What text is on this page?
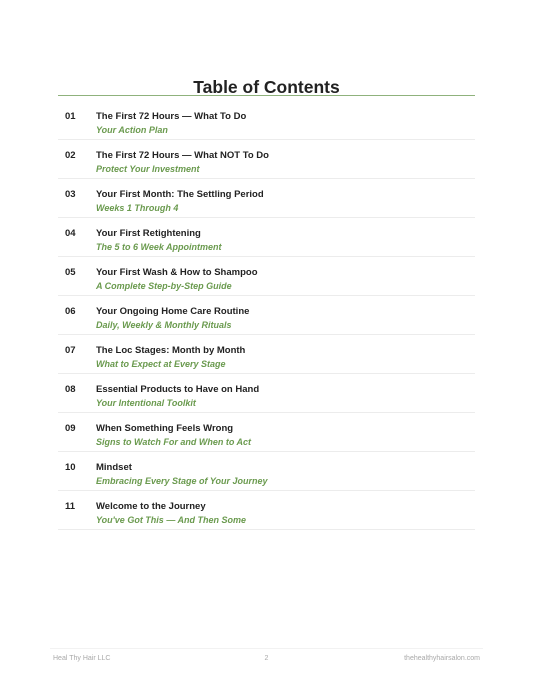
Table of Contents
01 The First 72 Hours — What To Do
Your Action Plan
02 The First 72 Hours — What NOT To Do
Protect Your Investment
03 Your First Month: The Settling Period
Weeks 1 Through 4
04 Your First Retightening
The 5 to 6 Week Appointment
05 Your First Wash & How to Shampoo
A Complete Step-by-Step Guide
06 Your Ongoing Home Care Routine
Daily, Weekly & Monthly Rituals
07 The Loc Stages: Month by Month
What to Expect at Every Stage
08 Essential Products to Have on Hand
Your Intentional Toolkit
09 When Something Feels Wrong
Signs to Watch For and When to Act
10 Mindset
Embracing Every Stage of Your Journey
11 Welcome to the Journey
You've Got This — And Then Some
Heal Thy Hair LLC	2	thehealthyhairsalon.com
